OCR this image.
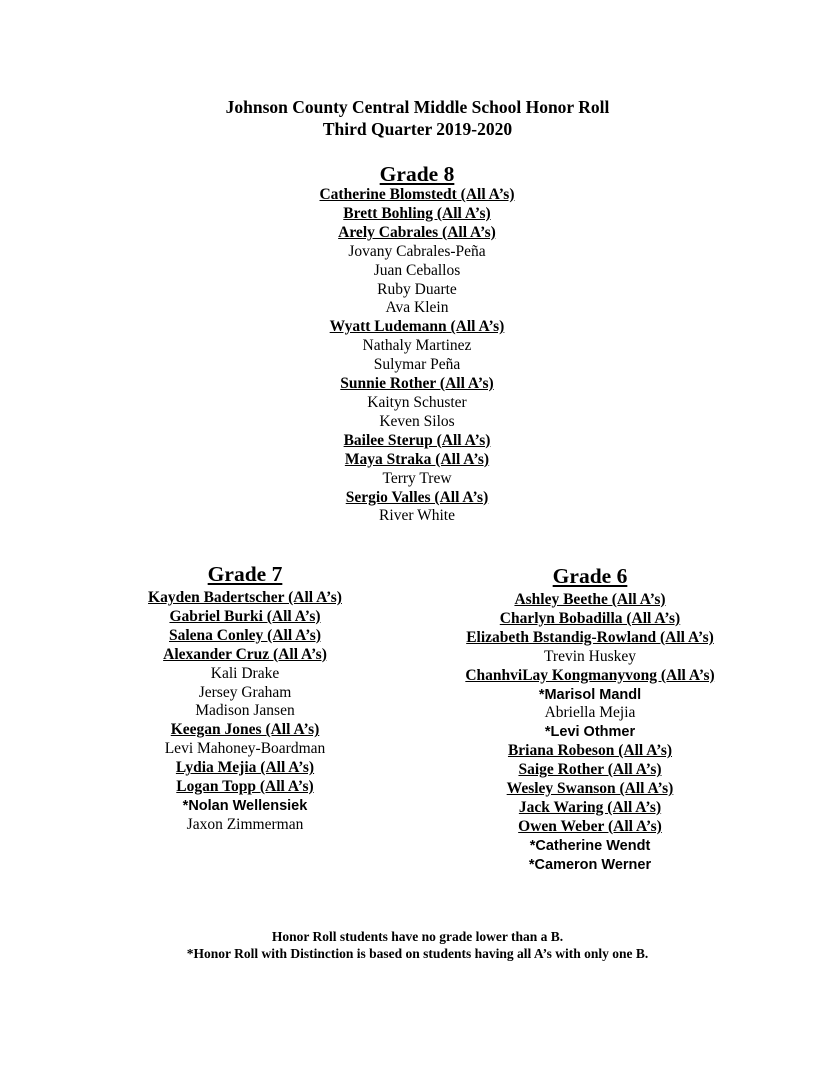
Johnson County Central Middle School Honor Roll
Third Quarter 2019-2020
Grade 8
Catherine Blomstedt (All A’s)
Brett Bohling (All A’s)
Arely Cabrales (All A’s)
Jovany Cabrales-Peña
Juan Ceballos
Ruby Duarte
Ava Klein
Wyatt Ludemann (All A’s)
Nathaly Martinez
Sulymar Peña
Sunnie Rother (All A’s)
Kaityn Schuster
Keven Silos
Bailee Sterup (All A’s)
Maya Straka (All A’s)
Terry Trew
Sergio Valles (All A’s)
River White
Grade 7
Kayden Badertscher (All A’s)
Gabriel Burki (All A’s)
Salena Conley (All A’s)
Alexander Cruz (All A’s)
Kali Drake
Jersey Graham
Madison Jansen
Keegan Jones (All A’s)
Levi Mahoney-Boardman
Lydia Mejia (All A’s)
Logan Topp (All A’s)
*Nolan Wellensiek
Jaxon Zimmerman
Grade 6
Ashley Beethe (All A’s)
Charlyn Bobadilla (All A’s)
Elizabeth Bstandig-Rowland (All A’s)
Trevin Huskey
ChanhviLay Kongmanyvong (All A’s)
*Marisol Mandl
Abriella Mejia
*Levi Othmer
Briana Robeson (All A’s)
Saige Rother (All A’s)
Wesley Swanson (All A’s)
Jack Waring (All A’s)
Owen Weber (All A’s)
*Catherine Wendt
*Cameron Werner
Honor Roll students have no grade lower than a B.
*Honor Roll with Distinction is based on students having all A’s with only one B.
